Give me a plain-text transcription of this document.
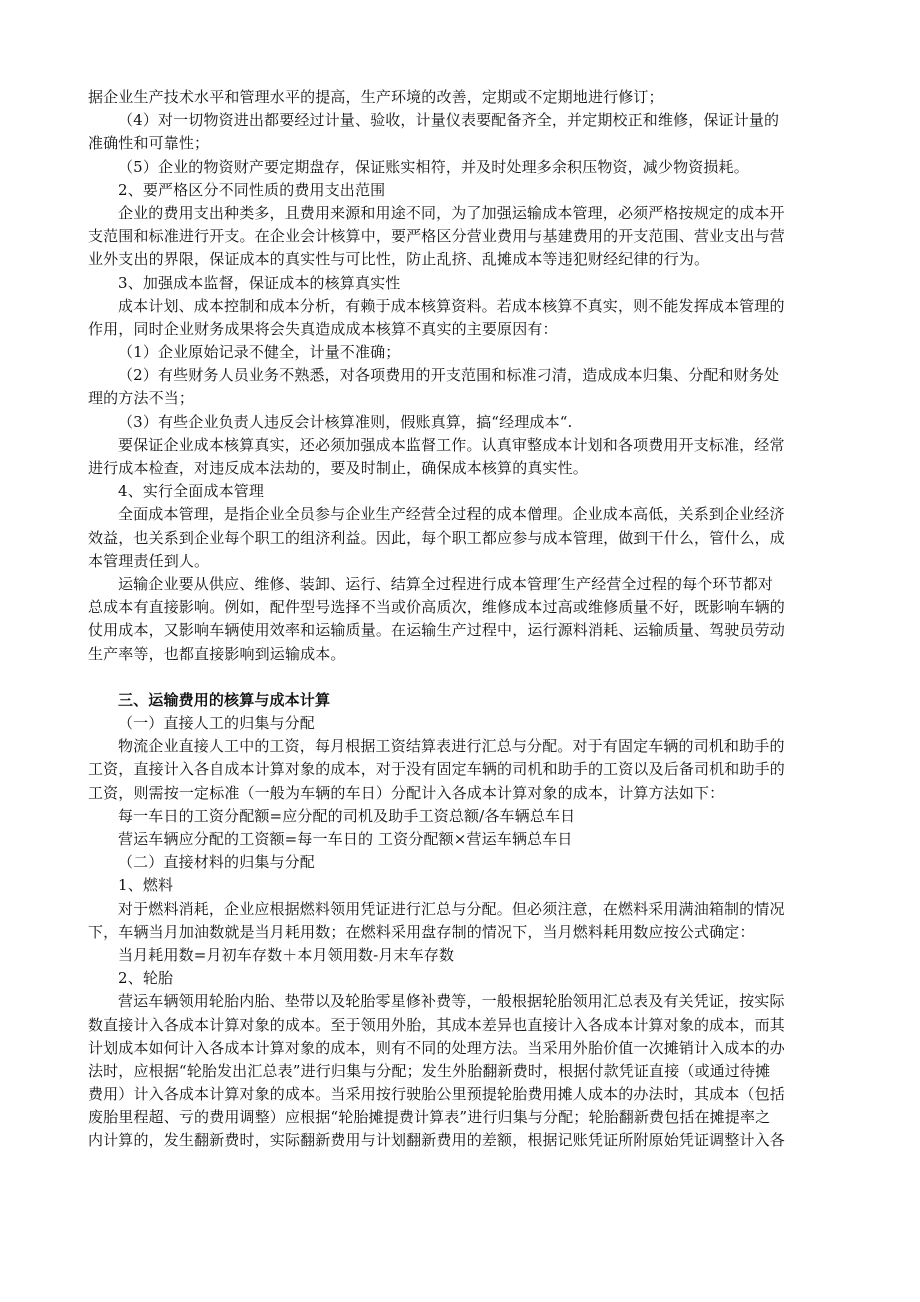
据企业生产技术水平和管理水平的提高，生产环境的改善，定期或不定期地进行修订；
（4）对一切物资进出都要经过计量、验收，计量仪表要配备齐全，并定期校正和维修，保证计量的
准确性和可靠性；
（5）企业的物资财产要定期盘存，保证账实相符，并及时处理多余积压物资，减少物资损耗。
2、要严格区分不同性质的费用支出范围
企业的费用支出种类多，且费用来源和用途不同，为了加强运输成本管理，必须严格按规定的成本开
支范围和标准进行开支。在企业会计核算中，要严格区分营业费用与基建费用的开支范围、营业支出与营
业外支出的界限，保证成本的真实性与可比性，防止乱挤、乱摊成本等违犯财经纪律的行为。
3、加强成本监督，保证成本的核算真实性
成本计划、成本控制和成本分析，有赖于成本核算资料。若成本核算不真实，则不能发挥成本管理的
作用，同时企业财务成果将会失真造成成本核算不真实的主要原因有：
（1）企业原始记录不健全，计量不准确；
（2）有些财务人员业务不熟悉，对各项费用的开支范围和标准刁清，造成成本归集、分配和财务处
理的方法不当；
（3）有些企业负责人违反会计核算准则，假账真算，搞“经理成本“.
要保证企业成本核算真实，还必须加强成本监督工作。认真审整成本计划和各项费用开支标准，经常
进行成本检查，对违反成本法劫的，要及时制止，确保成本核算的真实性。
4、实行全面成本管理
全面成本管理，是指企业全员参与企业生产经营全过程的成本僧理。企业成本高低，关系到企业经济
效益，也关系到企业每个职工的组济利益。因此，每个职工都应参与成本管理，做到干什么，管什么，成
本管理责任到人。
运输企业要从供应、维修、装卸、运行、结算全过程进行成本管理′生产经营全过程的每个环节都对
总成本有直接影响。例如，配件型号选择不当或价高质次，维修成本过高或维修质量不好，既影响车辆的
仗用成本，又影响车辆使用效率和运输质量。在运输生产过程中，运行源料消耗、运输质量、驾驶员劳动
生产率等，也都直接影响到运输成本。
三、运输费用的核算与成本计算
（一）直接人工的归集与分配
物流企业直接人工中的工资，每月根据工资结算表进行汇总与分配。对于有固定车辆的司机和助手的
工资，直接计入各自成本计算对象的成本，对于没有固定车辆的司机和助手的工资以及后备司机和助手的
工资，则需按一定标准（一般为车辆的车日）分配计入各成本计算对象的成本，计算方法如下：
每一车日的工资分配额=应分配的司机及助手工资总额/各车辆总车日
营运车辆应分配的工资额=每一车日的 工资分配额×营运车辆总车日
（二）直接材料的归集与分配
1、燃料
对于燃料消耗，企业应根据燃料领用凭证进行汇总与分配。但必须注意，在燃料采用满油箱制的情况
下，车辆当月加油数就是当月耗用数；在燃料采用盘存制的情况下，当月燃料耗用数应按公式确定：
当月耗用数=月初车存数＋本月领用数-月末车存数
2、轮胎
营运车辆领用轮胎内胎、垫带以及轮胎零星修补费等，一般根据轮胎领用汇总表及有关凭证，按实际
数直接计入各成本计算对象的成本。至于领用外胎，其成本差异也直接计入各成本计算对象的成本，而其
计划成本如何计入各成本计算对象的成本，则有不同的处理方法。当采用外胎价值一次摊销计入成本的办
法时，应根据“轮胎发出汇总表”进行归集与分配；发生外胎翻新费时，根据付款凭证直接（或通过待摊
费用）计入各成本计算对象的成本。当采用按行驶胎公里预提轮胎费用摊人成本的办法时，其成本（包括
废胎里程超、亏的费用调整）应根据“轮胎摊提费计算表”进行归集与分配；轮胎翻新费包括在摊提率之
内计算的，发生翻新费时，实际翻新费用与计划翻新费用的差额，根据记账凭证所附原始凭证调整计入各
